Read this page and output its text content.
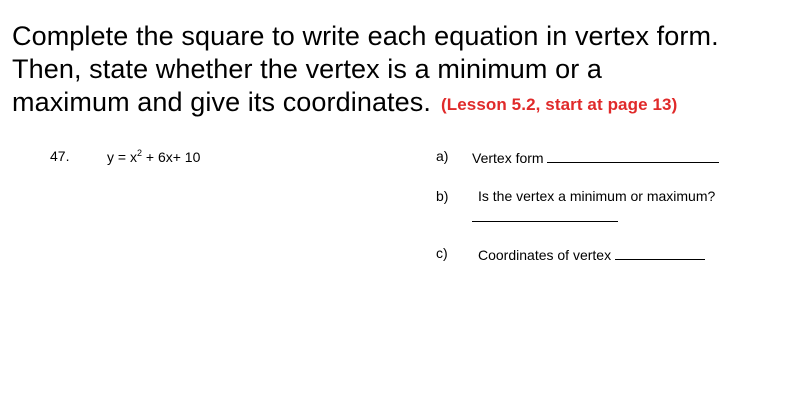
Complete the square to write each equation in vertex form.
Then, state whether the vertex is a minimum or a
maximum and give its coordinates. (Lesson 5.2, start at page 13)
47.	$y = x^2 + 6x+ 10$	a) Vertex form
b) Is the vertex a minimum or maximum?
c) Coordinates of vertex
